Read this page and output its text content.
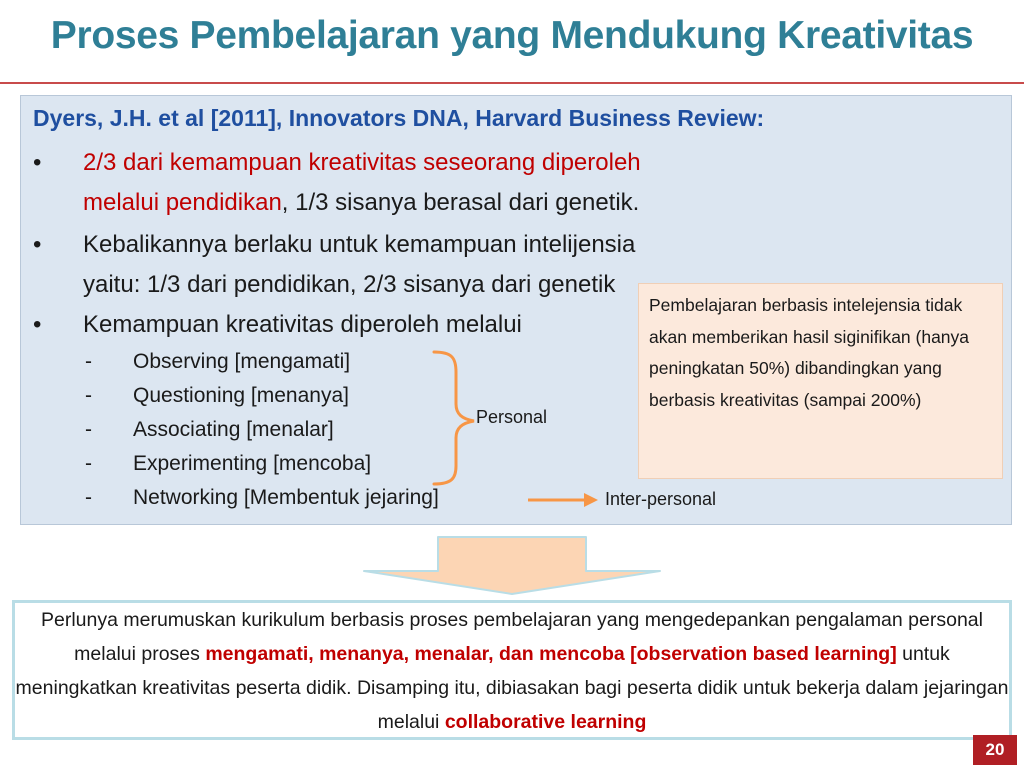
Proses Pembelajaran yang Mendukung Kreativitas
Dyers, J.H. et al [2011], Innovators DNA, Harvard Business Review:
• 2/3 dari kemampuan kreativitas seseorang diperoleh melalui pendidikan, 1/3 sisanya berasal dari genetik.
• Kebalikannya berlaku untuk kemampuan intelijensia yaitu: 1/3 dari pendidikan, 2/3 sisanya dari genetik
• Kemampuan kreativitas diperoleh melalui
- Observing [mengamati]
- Questioning [menanya]
- Associating [menalar]
- Experimenting [mencoba]
- Networking [Membentuk jejaring]
Pembelajaran berbasis intelejensia tidak akan memberikan hasil siginifikan (hanya peningkatan 50%) dibandingkan yang berbasis kreativitas (sampai 200%)
Personal
Inter-personal
Perlunya merumuskan kurikulum berbasis proses pembelajaran yang mengedepankan pengalaman personal melalui proses mengamati, menanya, menalar, dan mencoba [observation based learning] untuk meningkatkan kreativitas peserta didik. Disamping itu, dibiasakan bagi peserta didik untuk bekerja dalam jejaringan melalui collaborative learning
20
